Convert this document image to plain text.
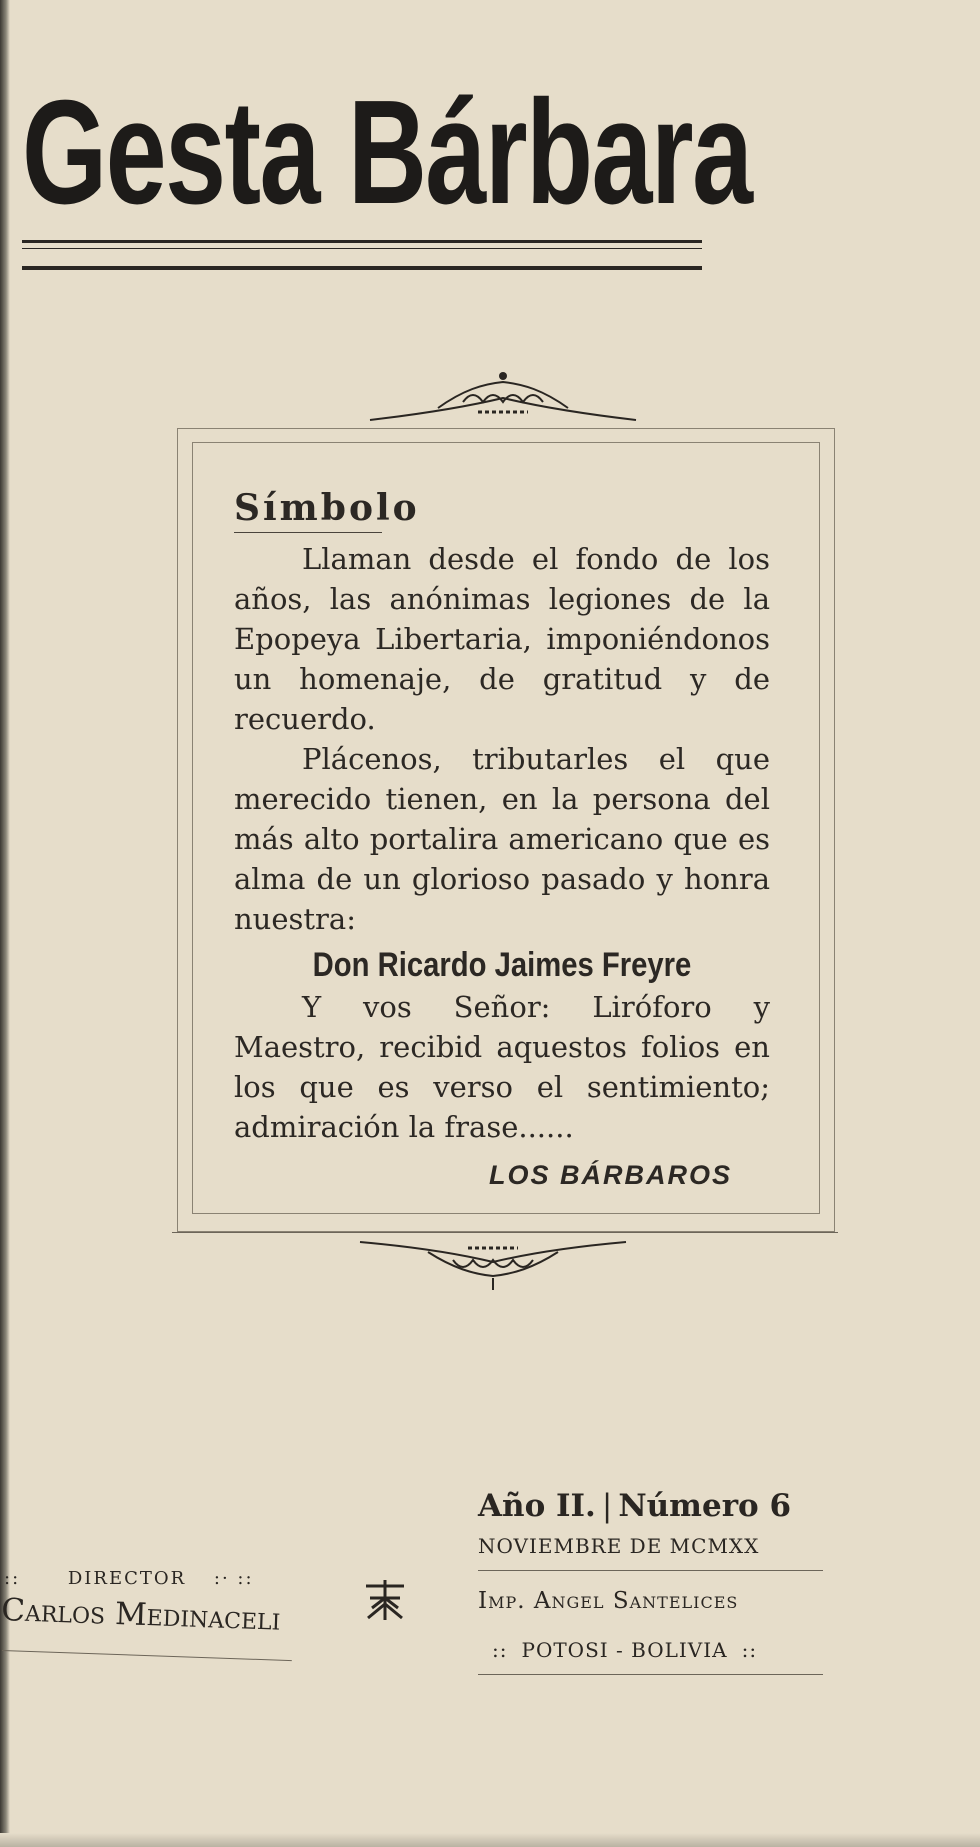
Gesta Bárbara
Símbolo

Llaman desde el fondo de los años, las anónimas legiones de la Epopeya Libertaria, imponiéndonos un homenaje, de gratitud y de recuerdo.

Plácenos, tributarles el que merecido tienen, en la persona del más alto portalira americano que es alma de un glorioso pasado y honra nuestra:

Don Ricardo Jaimes Freyre

Y vos Señor: Liróforo y Maestro, recibid aquestos folios en los que es verso el sentimiento; admiración la frase......

LOS BÁRBAROS
Año II. | Número 6
NOVIEMBRE DE MCMXX
Imp. Angel Santelices
:: POTOSI - BOLIVIA ::
:: DIRECTOR :· ::
Carlos Medinaceli
